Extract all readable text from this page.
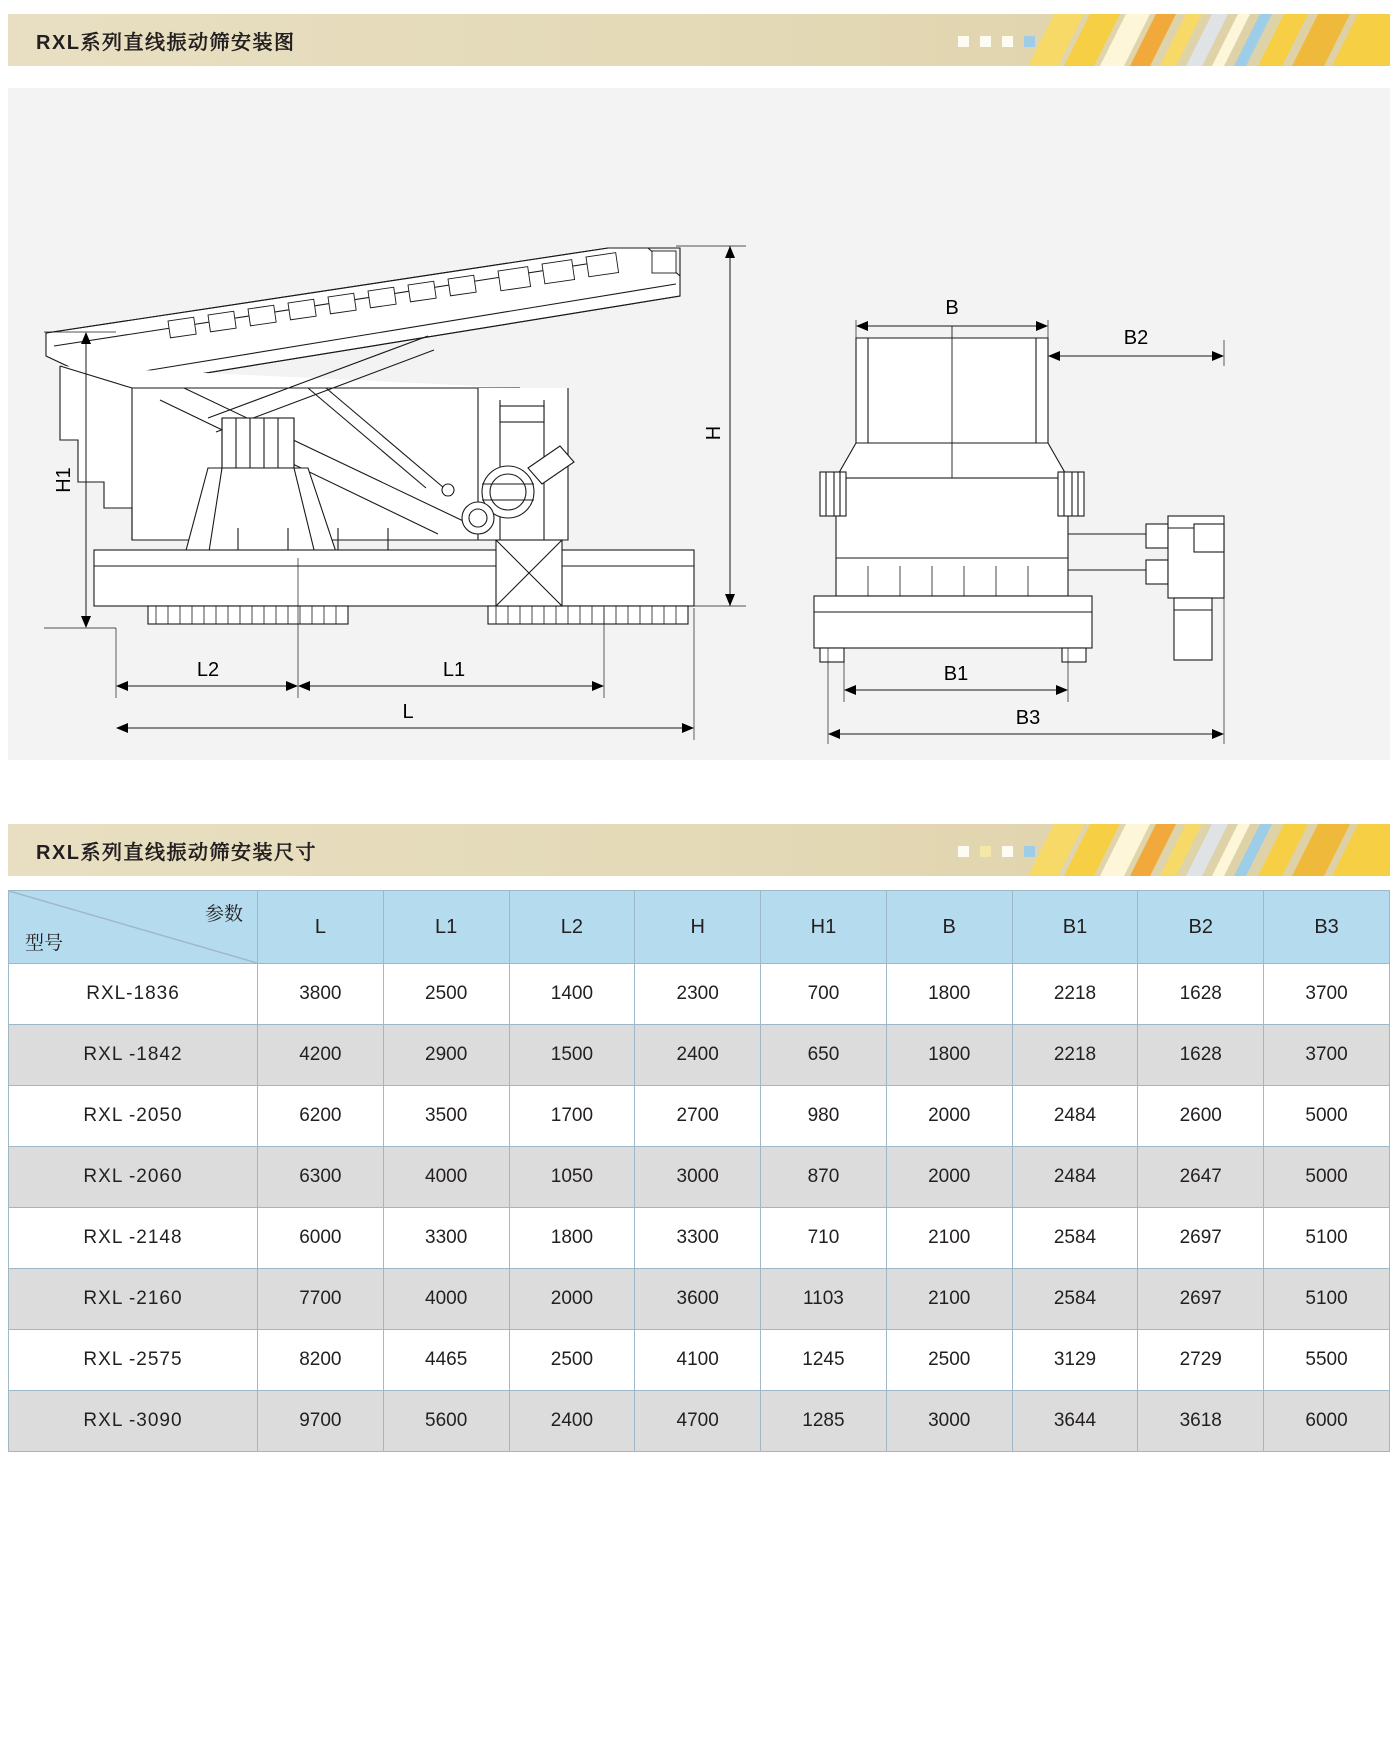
RXL系列直线振动筛安装图
H
H1
L2	L1
L
B
B2
B1
B3
RXL系列直线振动筛安装尺寸
参数
型号	L	L1	L2	H	H1	B	B1	B2	B3
RXL-1836	3800	2500	1400	2300	700	1800	2218	1628	3700
RXL -1842	4200	2900	1500	2400	650	1800	2218	1628	3700
RXL -2050	6200	3500	1700	2700	980	2000	2484	2600	5000
RXL -2060	6300	4000	1050	3000	870	2000	2484	2647	5000
RXL -2148	6000	3300	1800	3300	710	2100	2584	2697	5100
RXL -2160	7700	4000	2000	3600	1103	2100	2584	2697	5100
RXL -2575	8200	4465	2500	4100	1245	2500	3129	2729	5500
RXL -3090	9700	5600	2400	4700	1285	3000	3644	3618	6000
